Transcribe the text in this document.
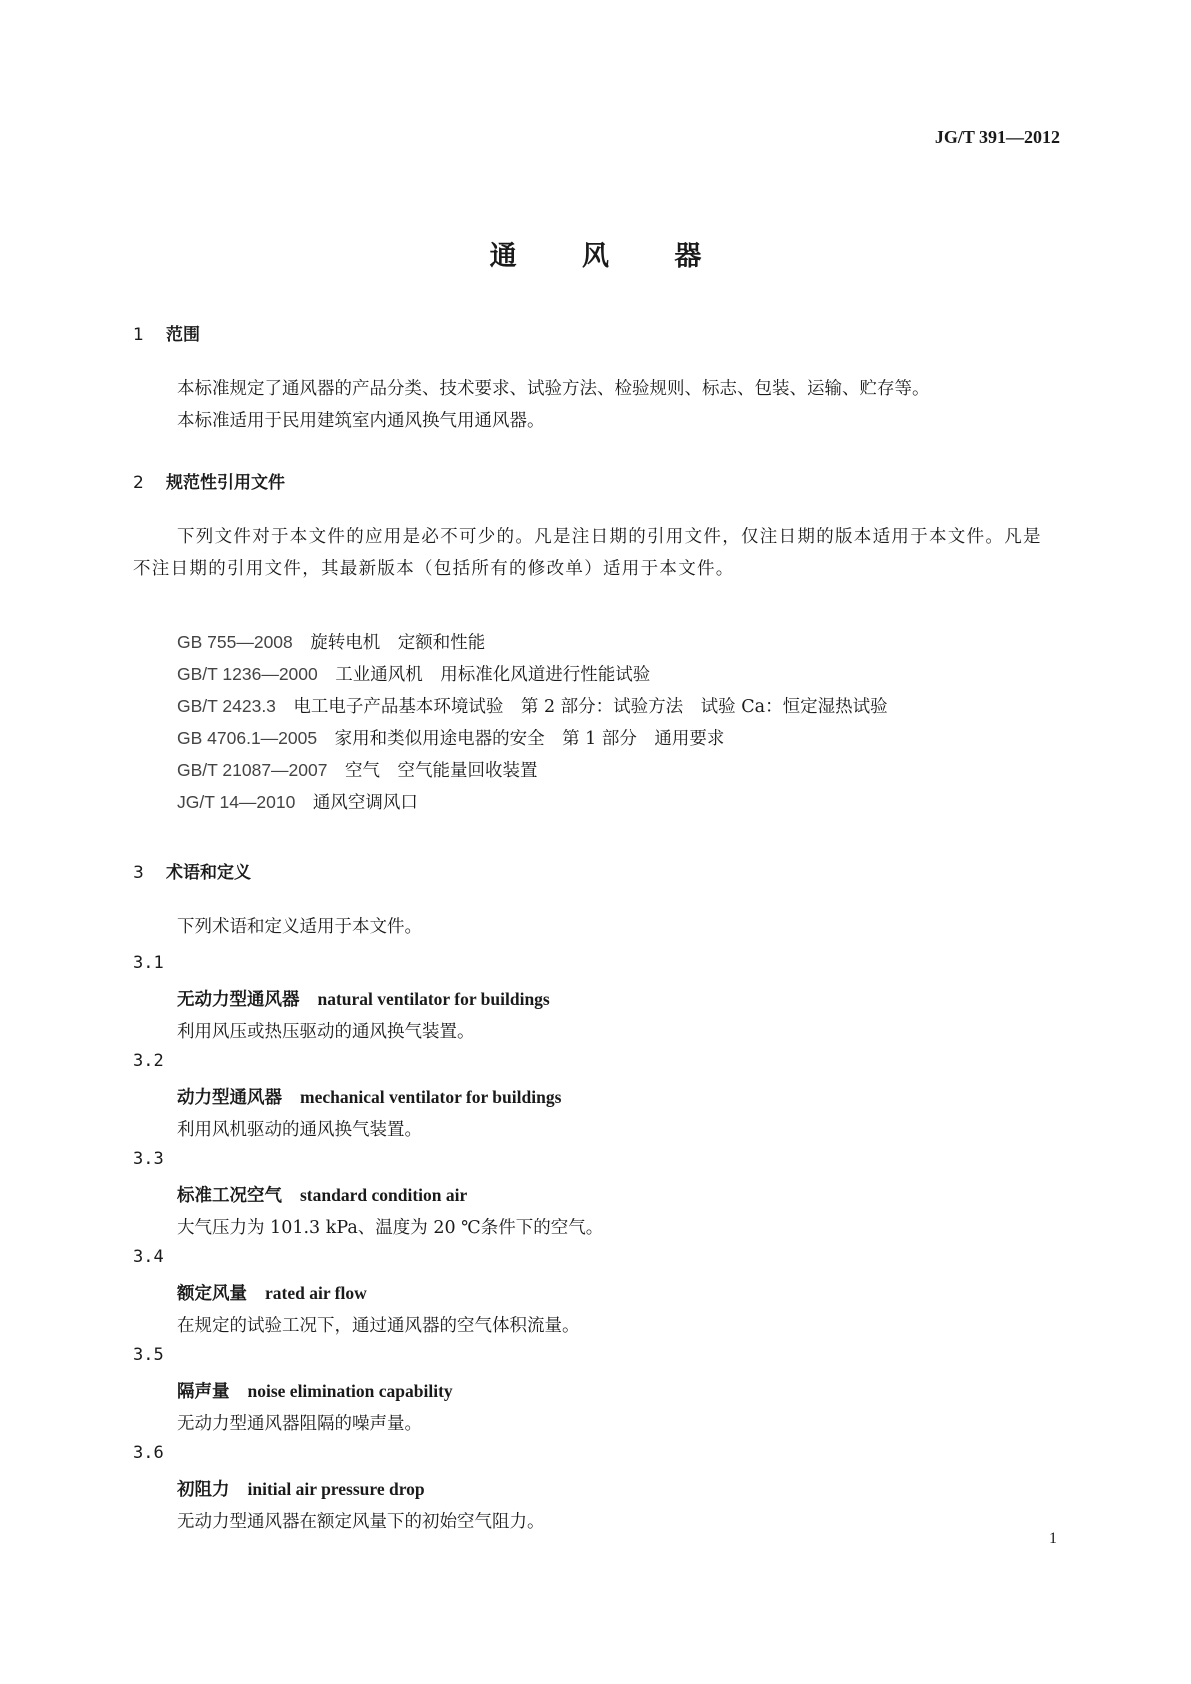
JG/T 391—2012
通 风 器
1 范围
本标准规定了通风器的产品分类、技术要求、试验方法、检验规则、标志、包装、运输、贮存等。
本标准适用于民用建筑室内通风换气用通风器。
2 规范性引用文件
下列文件对于本文件的应用是必不可少的。凡是注日期的引用文件，仅注日期的版本适用于本文件。凡是不注日期的引用文件，其最新版本（包括所有的修改单）适用于本文件。
GB 755—2008　 旋转电机　定额和性能
GB/T 1236—2000　 工业通风机　用标准化风道进行性能试验
GB/T 2423.3　 电工电子产品基本环境试验　第 2 部分：试验方法　试验 Ca：恒定湿热试验
GB 4706.1—2005　 家用和类似用途电器的安全　第 1 部分　通用要求
GB/T 21087—2007　 空气　空气能量回收装置
JG/T 14—2010　 通风空调风口
3 术语和定义
下列术语和定义适用于本文件。
3.1
无动力型通风器 natural ventilator for buildings
利用风压或热压驱动的通风换气装置。
3.2
动力型通风器 mechanical ventilator for buildings
利用风机驱动的通风换气装置。
3.3
标准工况空气 standard condition air
大气压力为 101.3 kPa、温度为 20 ℃条件下的空气。
3.4
额定风量 rated air flow
在规定的试验工况下，通过通风器的空气体积流量。
3.5
隔声量 noise elimination capability
无动力型通风器阻隔的噪声量。
3.6
初阻力 initial air pressure drop
无动力型通风器在额定风量下的初始空气阻力。
1
